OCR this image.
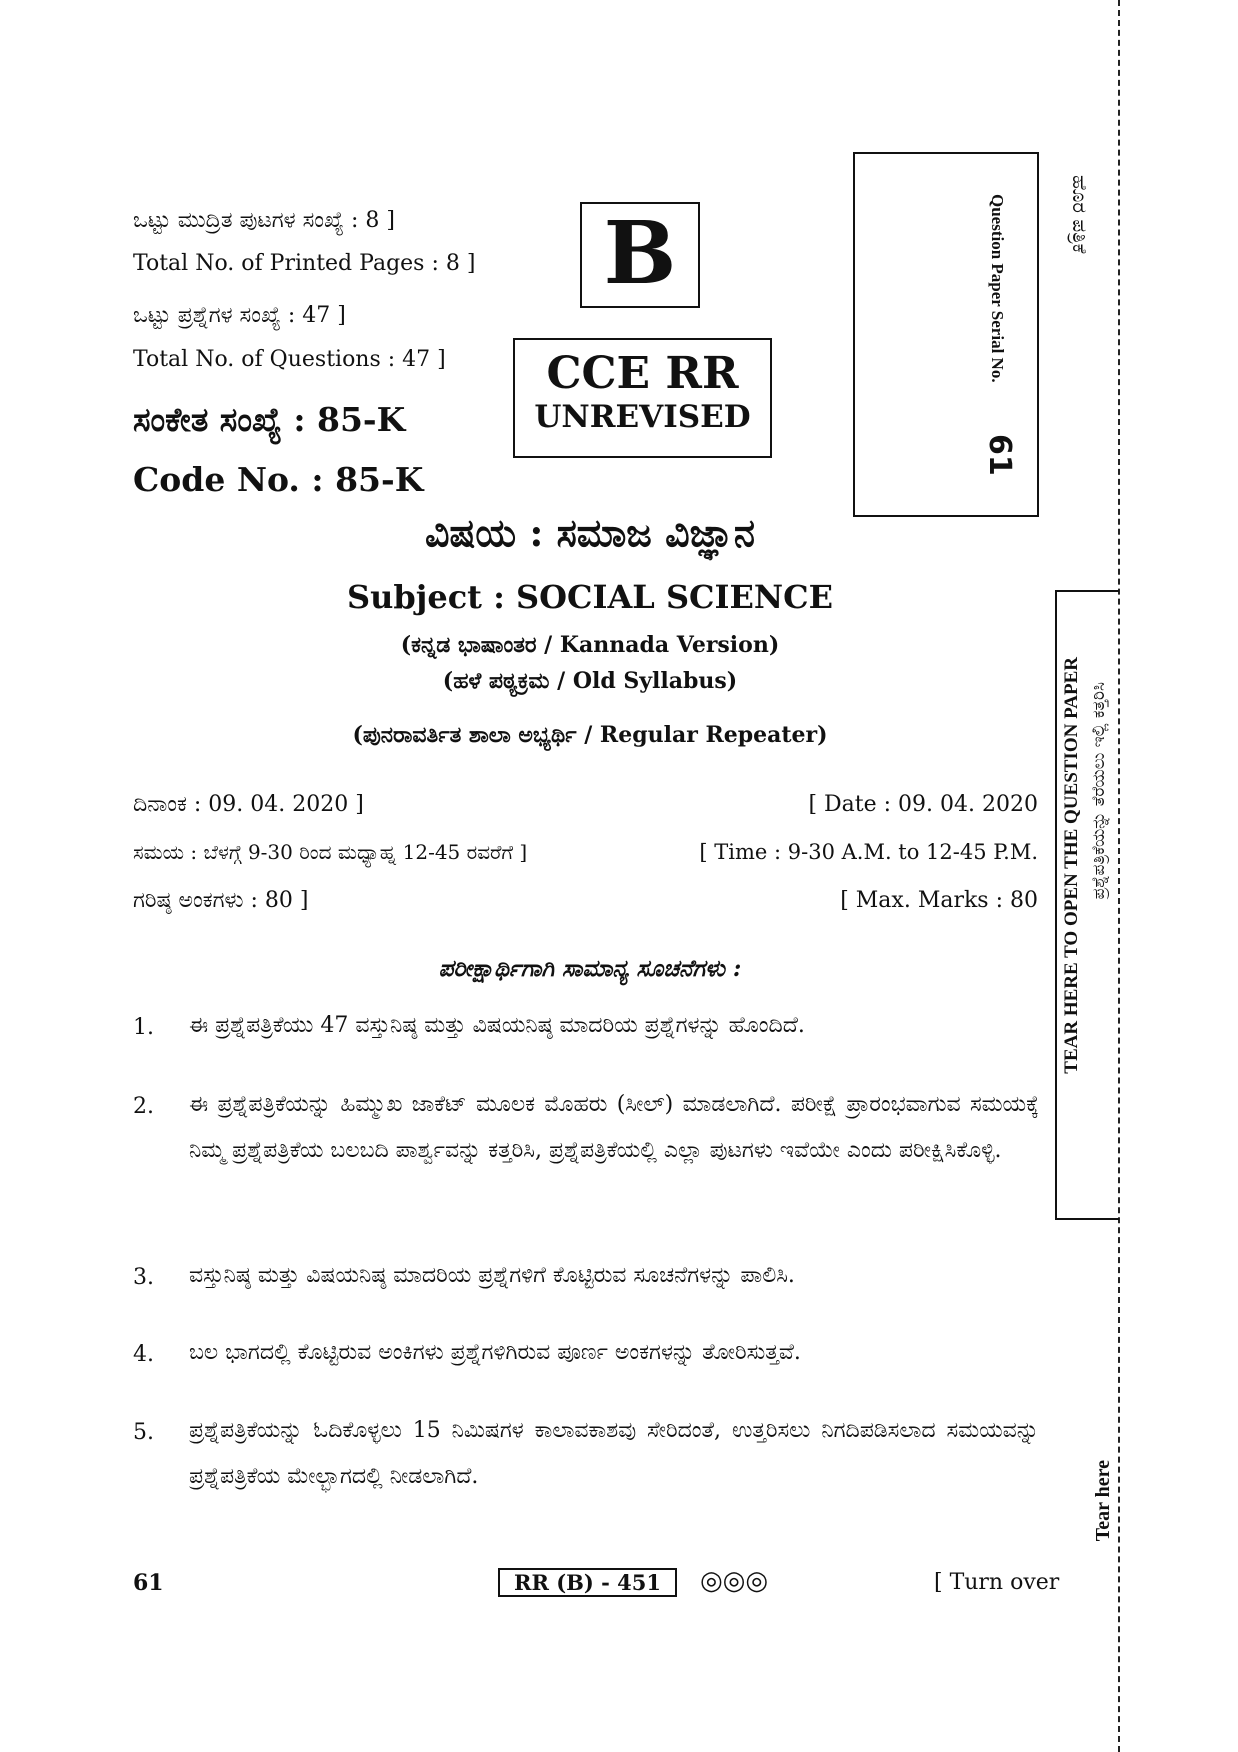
ಒಟ್ಟು ಮುದ್ರಿತ ಪುಟಗಳ ಸಂಖ್ಯೆ : 8 ]
Total No. of Printed Pages : 8 ]
ಒಟ್ಟು ಪ್ರಶ್ನೆಗಳ ಸಂಖ್ಯೆ : 47 ]
Total No. of Questions : 47 ]
ಸಂಕೇತ ಸಂಖ್ಯೆ : 85-K
Code No. : 85-K
B
CCE RR
UNREVISED
Question Paper Serial No.
61
ಹೊರ ಪತ್ರಿಕೆ
TEAR HERE TO OPEN THE QUESTION PAPER ಪ್ರಶ್ನೆಪತ್ರಿಕೆಯನ್ನು ತೆರೆಯಲು ಇಲ್ಲಿ ಕತ್ತರಿಸಿ
Tear here
ವಿಷಯ : ಸಮಾಜ ವಿಜ್ಞಾನ
Subject : SOCIAL SCIENCE
(ಕನ್ನಡ ಭಾಷಾಂತರ / Kannada Version)
(ಹಳೆ ಪಠ್ಯಕ್ರಮ / Old Syllabus)
(ಪುನರಾವರ್ತಿತ ಶಾಲಾ ಅಭ್ಯರ್ಥಿ / Regular Repeater)
ದಿನಾಂಕ : 09. 04. 2020 ]	[ Date : 09. 04. 2020
ಸಮಯ : ಬೆಳಗ್ಗೆ 9-30 ರಿಂದ ಮಧ್ಯಾಹ್ನ 12-45 ರವರೆಗೆ ]	[ Time : 9-30 A.M. to 12-45 P.M.
ಗರಿಷ್ಠ ಅಂಕಗಳು : 80 ]	[ Max. Marks : 80
ಪರೀಕ್ಷಾರ್ಥಿಗಾಗಿ ಸಾಮಾನ್ಯ ಸೂಚನೆಗಳು :
1. ಈ ಪ್ರಶ್ನೆಪತ್ರಿಕೆಯು 47 ವಸ್ತುನಿಷ್ಠ ಮತ್ತು ವಿಷಯನಿಷ್ಠ ಮಾದರಿಯ ಪ್ರಶ್ನೆಗಳನ್ನು ಹೊಂದಿದೆ.
2. ಈ ಪ್ರಶ್ನೆಪತ್ರಿಕೆಯನ್ನು ಹಿಮ್ಮುಖ ಜಾಕೆಟ್ ಮೂಲಕ ಮೊಹರು (ಸೀಲ್) ಮಾಡಲಾಗಿದೆ. ಪರೀಕ್ಷೆ ಪ್ರಾರಂಭವಾಗುವ ಸಮಯಕ್ಕೆ ನಿಮ್ಮ ಪ್ರಶ್ನೆಪತ್ರಿಕೆಯ ಬಲಬದಿ ಪಾರ್ಶ್ವವನ್ನು ಕತ್ತರಿಸಿ, ಪ್ರಶ್ನೆಪತ್ರಿಕೆಯಲ್ಲಿ ಎಲ್ಲಾ ಪುಟಗಳು ಇವೆಯೇ ಎಂದು ಪರೀಕ್ಷಿಸಿಕೊಳ್ಳಿ.
3. ವಸ್ತುನಿಷ್ಠ ಮತ್ತು ವಿಷಯನಿಷ್ಠ ಮಾದರಿಯ ಪ್ರಶ್ನೆಗಳಿಗೆ ಕೊಟ್ಟಿರುವ ಸೂಚನೆಗಳನ್ನು ಪಾಲಿಸಿ.
4. ಬಲ ಭಾಗದಲ್ಲಿ ಕೊಟ್ಟಿರುವ ಅಂಕಿಗಳು ಪ್ರಶ್ನೆಗಳಿಗಿರುವ ಪೂರ್ಣ ಅಂಕಗಳನ್ನು ತೋರಿಸುತ್ತವೆ.
5. ಪ್ರಶ್ನೆಪತ್ರಿಕೆಯನ್ನು ಓದಿಕೊಳ್ಳಲು 15 ನಿಮಿಷಗಳ ಕಾಲಾವಕಾಶವು ಸೇರಿದಂತೆ, ಉತ್ತರಿಸಲು ನಿಗದಿಪಡಿಸಲಾದ ಸಮಯವನ್ನು ಪ್ರಶ್ನೆಪತ್ರಿಕೆಯ ಮೇಲ್ಭಾಗದಲ್ಲಿ ನೀಡಲಾಗಿದೆ.
61	RR (B) - 451	◎◎◎	[ Turn over
